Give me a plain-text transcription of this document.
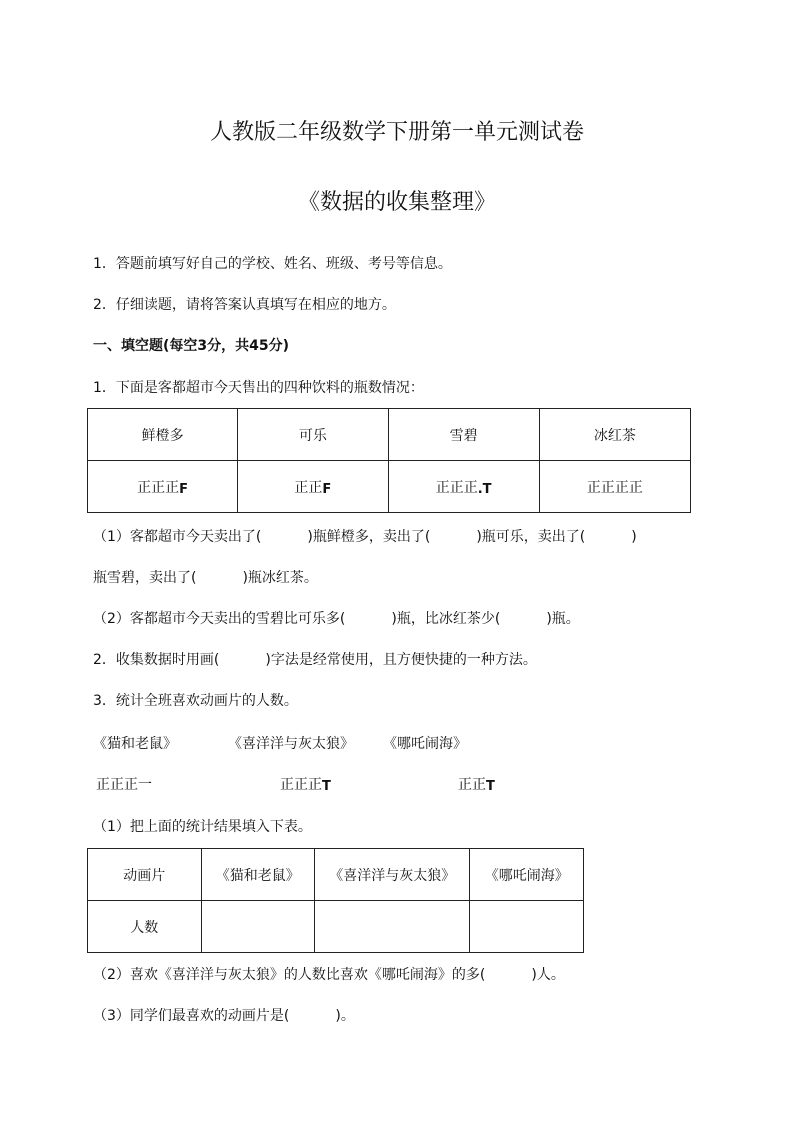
人教版二年级数学下册第一单元测试卷
《数据的收集整理》
1．答题前填写好自己的学校、姓名、班级、考号等信息。
2．仔细读题，请将答案认真填写在相应的地方。
一、填空题(每空3分，共45分)
1．下面是客都超市今天售出的四种饮料的瓶数情况：
鲜橙多	可乐	雪碧	冰红茶
正正正F	正正F	正正正.T	正正正正
（1）客都超市今天卖出了(	)瓶鲜橙多，卖出了(	)瓶可乐，卖出了(	)
瓶雪碧，卖出了(	)瓶冰红茶。
（2）客都超市今天卖出的雪碧比可乐多(	)瓶，比冰红茶少(	)瓶。
2．收集数据时用画(	)字法是经常使用，且方便快捷的一种方法。
3．统计全班喜欢动画片的人数。
《猫和老鼠》	《喜洋洋与灰太狼》 《哪吒闹海》
正正正一	正正正T	正正T
（1）把上面的统计结果填入下表。
动画片	《猫和老鼠》	《喜洋洋与灰太狼》	《哪吒闹海》
人数			
（2）喜欢《喜洋洋与灰太狼》的人数比喜欢《哪吒闹海》的多(	)人。
（3）同学们最喜欢的动画片是(	)。
